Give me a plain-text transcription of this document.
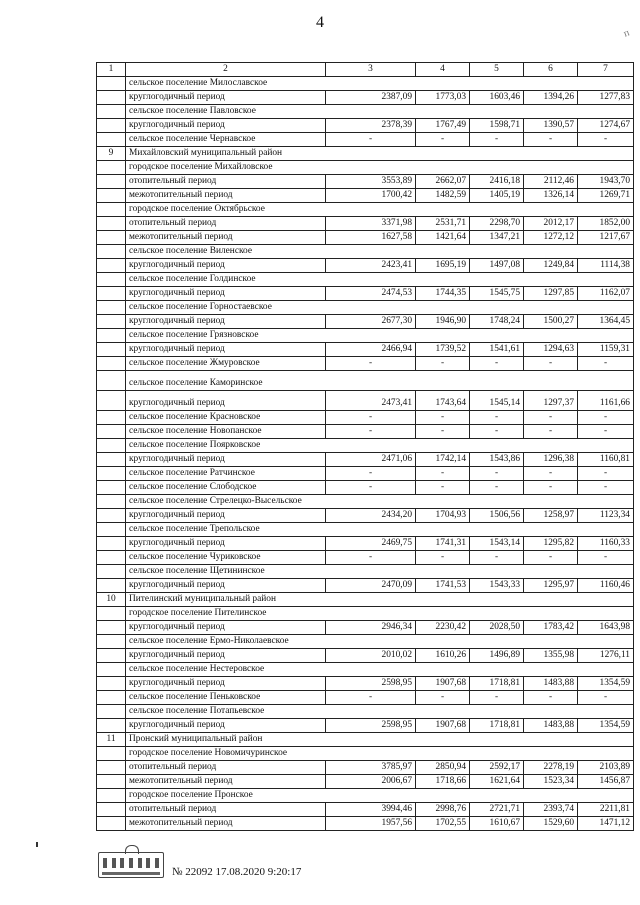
4
п
1	2	3	4	5	6	7
	сельское поселение Милославское					
	круглогодичный период	2387,09	1773,03	1603,46	1394,26	1277,83
	сельское поселение Павловское					
	круглогодичный период	2378,39	1767,49	1598,71	1390,57	1274,67
	сельское поселение Чернавское	-	-	-	-	-
9	Михайловский муниципальный район					
	городское поселение Михайловское					
	отопительный период	3553,89	2662,07	2416,18	2112,46	1943,70
	межотопительный период	1700,42	1482,59	1405,19	1326,14	1269,71
	городское поселение Октябрьское					
	отопительный период	3371,98	2531,71	2298,70	2012,17	1852,00
	межотопительный период	1627,58	1421,64	1347,21	1272,12	1217,67
	сельское поселение Виленское					
	круглогодичный период	2423,41	1695,19	1497,08	1249,84	1114,38
	сельское поселение Голдинское					
	круглогодичный период	2474,53	1744,35	1545,75	1297,85	1162,07
	сельское поселение Горностаевское					
	круглогодичный период	2677,30	1946,90	1748,24	1500,27	1364,45
	сельское поселение Грязновское					
	круглогодичный период	2466,94	1739,52	1541,61	1294,63	1159,31
	сельское поселение Жмуровское	-	-	-	-	-
	сельское поселение Каморинское					
	круглогодичный период	2473,41	1743,64	1545,14	1297,37	1161,66
	сельское поселение Красновское	-	-	-	-	-
	сельское поселение Новопанское	-	-	-	-	-
	сельское поселение Поярковское					
	круглогодичный период	2471,06	1742,14	1543,86	1296,38	1160,81
	сельское поселение Ратчинское	-	-	-	-	-
	сельское поселение Слободское	-	-	-	-	-
	сельское поселение Стрелецко-Высельское					
	круглогодичный период	2434,20	1704,93	1506,56	1258,97	1123,34
	сельское поселение Трепольское					
	круглогодичный период	2469,75	1741,31	1543,14	1295,82	1160,33
	сельское поселение Чуриковское	-	-	-	-	-
	сельское поселение Щетининское					
	круглогодичный период	2470,09	1741,53	1543,33	1295,97	1160,46
10	Пителинский муниципальный район					
	городское поселение Пителинское					
	круглогодичный период	2946,34	2230,42	2028,50	1783,42	1643,98
	сельское поселение Ермо-Николаевское					
	круглогодичный период	2010,02	1610,26	1496,89	1355,98	1276,11
	сельское поселение Нестеровское					
	круглогодичный период	2598,95	1907,68	1718,81	1483,88	1354,59
	сельское поселение Пеньковское	-	-	-	-	-
	сельское поселение Потапьевское					
	круглогодичный период	2598,95	1907,68	1718,81	1483,88	1354,59
11	Пронский муниципальный район					
	городское поселение Новомичуринское					
	отопительный период	3785,97	2850,94	2592,17	2278,19	2103,89
	межотопительный период	2006,67	1718,66	1621,64	1523,34	1456,87
	городское поселение Пронское					
	отопительный период	3994,46	2998,76	2721,71	2393,74	2211,81
	межотопительный период	1957,56	1702,55	1610,67	1529,60	1471,12
№ 22092 17.08.2020 9:20:17
